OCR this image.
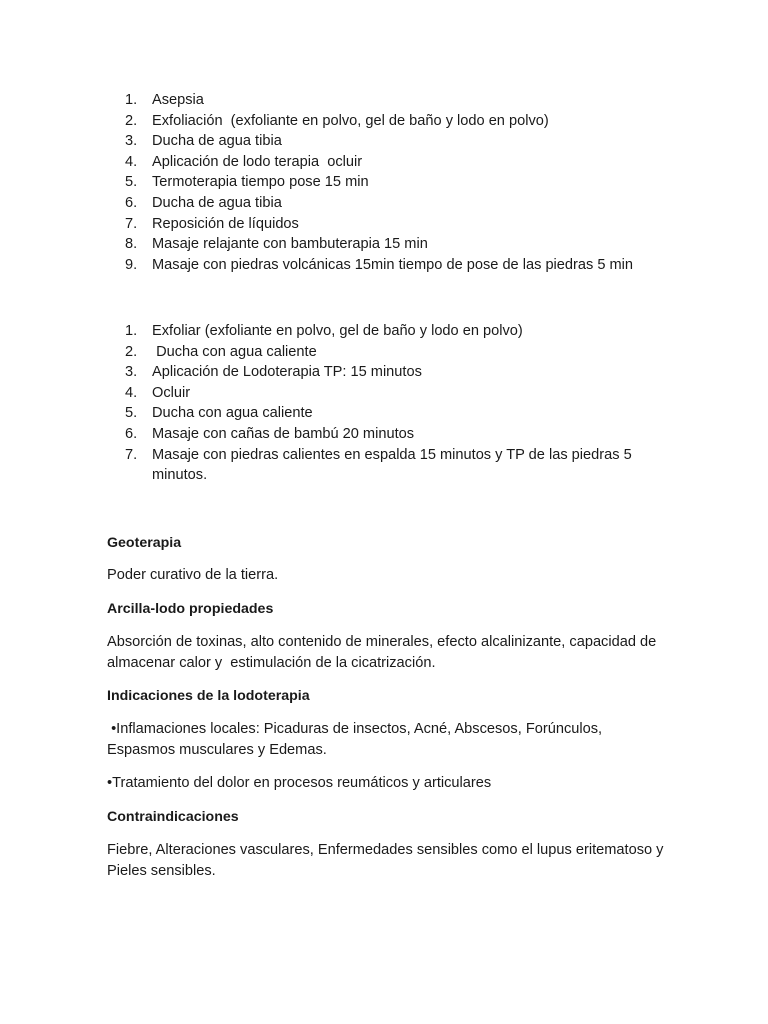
1.	Asepsia
2.	Exfoliación  (exfoliante en polvo, gel de baño y lodo en polvo)
3.	Ducha de agua tibia
4.	Aplicación de lodo terapia  ocluir
5.	Termoterapia tiempo pose 15 min
6.	Ducha de agua tibia
7.	Reposición de líquidos
8.	Masaje relajante con bambuterapia 15 min
9.	Masaje con piedras volcánicas 15min tiempo de pose de las piedras 5 min
1.	Exfoliar (exfoliante en polvo, gel de baño y lodo en polvo)
2.	Ducha con agua caliente
3.	Aplicación de Lodoterapia TP: 15 minutos
4.	Ocluir
5.	Ducha con agua caliente
6.	Masaje con cañas de bambú 20 minutos
7.	Masaje con piedras calientes en espalda 15 minutos y TP de las piedras 5 minutos.
Geoterapia
Poder curativo de la tierra.
Arcilla-lodo propiedades
Absorción de toxinas, alto contenido de minerales, efecto alcalinizante, capacidad de almacenar calor y  estimulación de la cicatrización.
Indicaciones de la lodoterapia
•Inflamaciones locales: Picaduras de insectos, Acné, Abscesos, Forúnculos, Espasmos musculares y Edemas.
•Tratamiento del dolor en procesos reumáticos y articulares
Contraindicaciones
Fiebre, Alteraciones vasculares, Enfermedades sensibles como el lupus eritematoso y Pieles sensibles.
